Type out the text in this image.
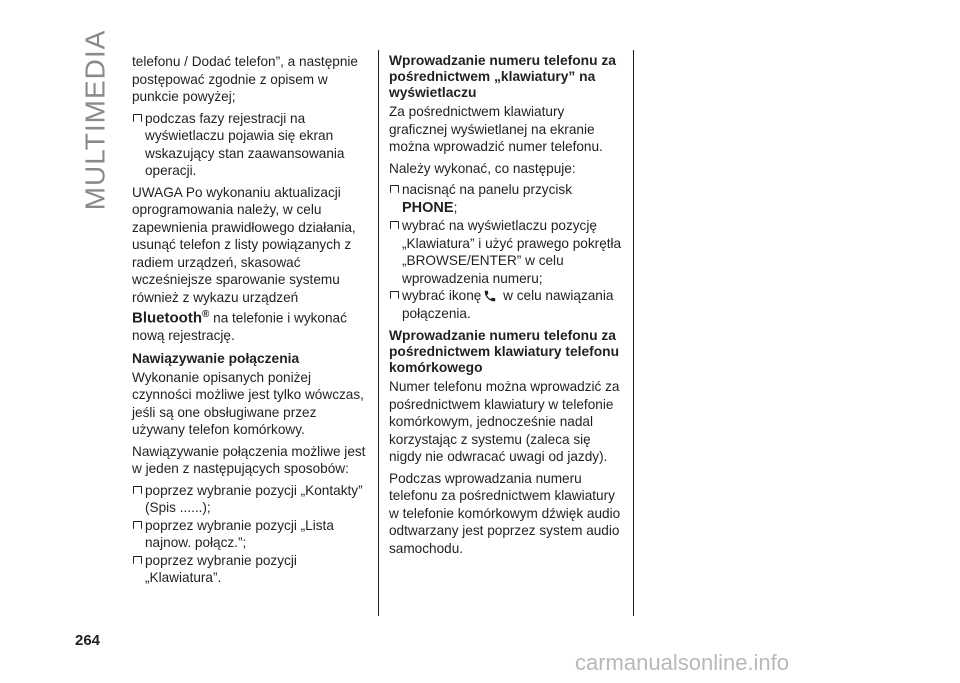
MULTIMEDIA telefonu / Dodać telefon”, a następnie postępować zgodnie z opisem w punkcie powyżej;

podczas fazy rejestracji na wyświetlaczu pojawia się ekran wskazujący stan zaawansowania operacji.

UWAGA Po wykonaniu aktualizacji oprogramowania należy, w celu zapewnienia prawidłowego działania, usunąć telefon z listy powiązanych z radiem urządzeń, skasować wcześniejsze sparowanie systemu również z wykazu urządzeń Bluetooth® na telefonie i wykonać nową rejestrację.

Nawiązywanie połączenia

Wykonanie opisanych poniżej czynności możliwe jest tylko wówczas, jeśli są one obsługiwane przez używany telefon komórkowy.

Nawiązywanie połączenia możliwe jest w jeden z następujących sposobów:

poprzez wybranie pozycji „Kontakty” (Spis ......);

poprzez wybranie pozycji „Lista najnow. połącz.”;

poprzez wybranie pozycji „Klawiatura”.

Wprowadzanie numeru telefonu za pośrednictwem „klawiatury” na wyświetlaczu

Za pośrednictwem klawiatury graficznej wyświetlanej na ekranie można wprowadzić numer telefonu.

Należy wykonać, co następuje:

nacisnąć na panelu przycisk
PHONE;

wybrać na wyświetlaczu pozycję „Klawiatura” i użyć prawego pokrętła „BROWSE/ENTER” w celu wprowadzenia numeru;

wybrać ikonę w celu nawiązania połączenia.

Wprowadzanie numeru telefonu za pośrednictwem klawiatury telefonu komórkowego

Numer telefonu można wprowadzić za pośrednictwem klawiatury w telefonie komórkowym, jednocześnie nadal korzystając z systemu (zaleca się nigdy nie odwracać uwagi od jazdy).

Podczas wprowadzania numeru telefonu za pośrednictwem klawiatury w telefonie komórkowym dźwięk audio odtwarzany jest poprzez system audio samochodu.

264
carmanualsonline.info
